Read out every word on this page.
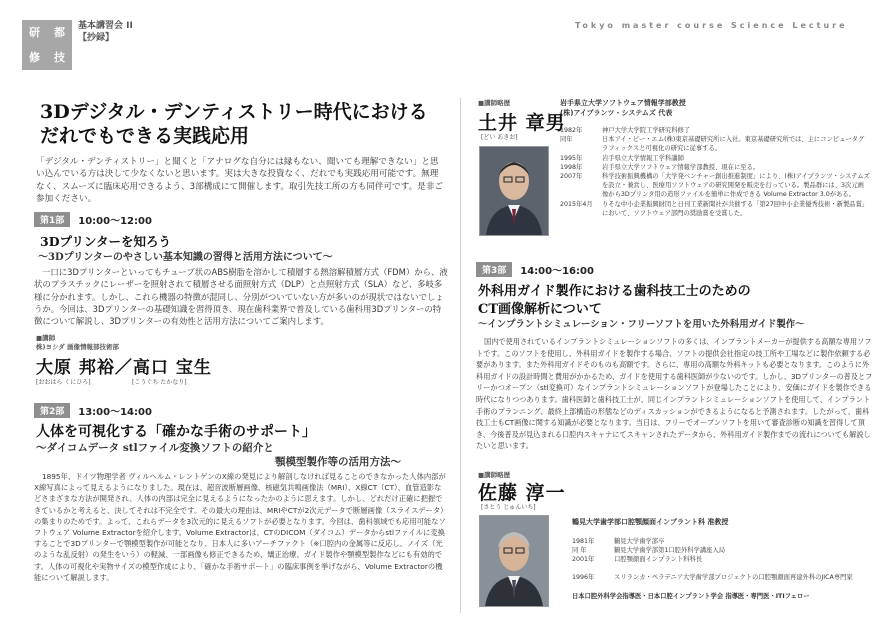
研 都
修 技
基本講習会 II
【抄録】
Tokyo master course Science Lecture
3Dデジタル・デンティストリー時代における
だれでもできる実践応用
「デジタル・デンティストリー」と聞くと「アナログな自分には縁もない、聞いても理解できない」と思い込んでいる方は決して少なくないと思います。実は大きな投資なく、だれでも実践応用可能です。無理なく、スムーズに臨床応用できるよう、3部構成にて開催します。取引先技工所の方も同伴可です。是非ご参加ください。
第1部	10:00～12:00
3Dプリンターを知ろう
～3Dプリンターのやさしい基本知識の習得と活用方法について～
一口に3Dプリンターといってもチューブ状のABS樹脂を溶かして積層する熱溶解積層方式（FDM）から、液状のプラスチックにレーザーを照射されて積層させる面照射方式（DLP）と点照射方式（SLA）など、多岐多様に分かれます。しかし、これら機器の特徴が混同し、分別がついていない方が多いのが現状ではないでしょうか。今回は、3Dプリンターの基礎知識を習得頂き、現在歯科業界で普及している歯科用3Dプリンターの特徴について解説し、3Dプリンターの有効性と活用方法についてご案内します。
■講師
株)ヨシダ 画像情報部技術部
大原 邦裕／高口 宝生
[おおはら くにひろ]	[こうぐち たかなり]
第2部	13:00～14:00
人体を可視化する「確かな手術のサポート」
～ダイコムデータ stlファイル変換ソフトの紹介と
顎模型製作等の活用方法～
1895年、ドイツ物理学者 ヴィルヘルム・レントゲンのX線の発見により解剖しなければ見ることのできなかった人体内部がX線写真によって見えるようになりました。現在は、超音波断層画像、核磁気共鳴画像法（MRI）、X線CT（CT）、血管造影などさまざまな方法が開発され、人体の内部は完全に見えるようになったかのように思えます。しかし、どれだけ正確に把握できているかと考えると、決してそれは不完全です。その最大の理由は、MRIやCTが2次元データで断層画像（スライスデータ）の集まりのためです。よって、これらデータを3次元的に見えるソフトが必要となります。今回は、歯科領域でも応用可能なソフトウェア Volume Extractorを紹介します。Volume Extractorは、CTのDICOM（ダイコム）データからstlファイルに変換することで3Dプリンターで顎模型製作が可能となり、日本人に多いアーチファクト（※口腔内の金属等に反応し、ノイズ（光のような乱反射）の発生をいう）の軽減、一部画像も修正できるため、矯正治療、ガイド製作や顎模型製作などにも有効的です。人体の可視化や実物サイズの模型作成により、「確かな手術サポート」の臨床事例を挙げながら、Volume Extractorの機能について解説します。
■講師略歴
土井 章男
[どい あきお]
岩手県立大学ソフトウェア情報学部教授
(株)アイプランツ・システムズ 代表
1982年	神戸大学大学院工学研究科修了
同年	日本アイ・ビー・エム(株)東京基礎研究所に入社。東京基礎研究所では、主にコンピュータグラフィックスと可視化の研究に従事する。
1995年	岩手県立大学情報工学科講師
1998年	岩手県立大学ソフトウェア情報学部教授、現在に至る。
2007年	科学技術振興機構の「大学発ベンチャー創出推進制度」により、(株)アイプランツ・システムズを設立・兼営し、医療用ソフトウェアの研究開発を販売を行っている。製品群には、3次元画像から3Dプリンタ用の造形ファイルを簡単に作成できる Volume Extractor 3.0がある。
2015年4月	りそな中小企業振興財団と日刊工業新聞社が共催する「第27回中小企業優秀技術・新製品賞」において、ソフトウェア部門の奨励賞を受賞した。
第3部	14:00～16:00
外科用ガイド製作における歯科技工士のための
CT画像解析について
～インプラントシミュレーション・フリーソフトを用いた外科用ガイド製作～
国内で使用されているインプラントシミュレーションソフトの多くは、インプラントメーカーが提供する高額な専用ソフトです。このソフトを使用し、外科用ガイドを製作する場合、ソフトの提供会社指定の技工所や工場などに製作依頼する必要があります。また外科用ガイドそのものも高額です。さらに、専用の高額な外科キットも必要となります。このように外科用ガイドの設計時間と費用がかかるため、ガイドを使用する歯科医師が少ないのです。しかし、3Dプリンターの普及とフリーかつオープン（stl変換可）なインプラントシミュレーションソフトが登場したことにより、安価にガイドを製作できる時代になりつつあります。歯科医師と歯科技工士が、同じインプラントシミュレーションソフトを使用して、インプラント手術のプランニング、最終上部構造の形態などのディスカッションができるようになると予測されます。したがって、歯科技工士もCT画像に関する知識が必要となります。当日は、フリーでオープンソフトを用いて審査診断の知識を習得して頂き、今後普及が見込まれる口腔内スキャナにてスキャンされたデータから、外科用ガイド製作までの流れについても解説したいと思います。
■講師略歴
佐藤 淳一
[さとう じゅんいち]
鶴見大学歯学部口腔顎顔面インプラント科 准教授
1981年	鶴見大学歯学部卒
同 年	鶴見大学歯学部第1口腔外科学講座入局
2001年	口腔顎顔面インプラント科科長
1996年	スリランカ・ペラデニア大学歯学部プロジェクトの口腔顎顔面再建外科のJICA専門家
日本口腔外科学会指導医・日本口腔インプラント学会 指導医・専門医・ITIフェロー
